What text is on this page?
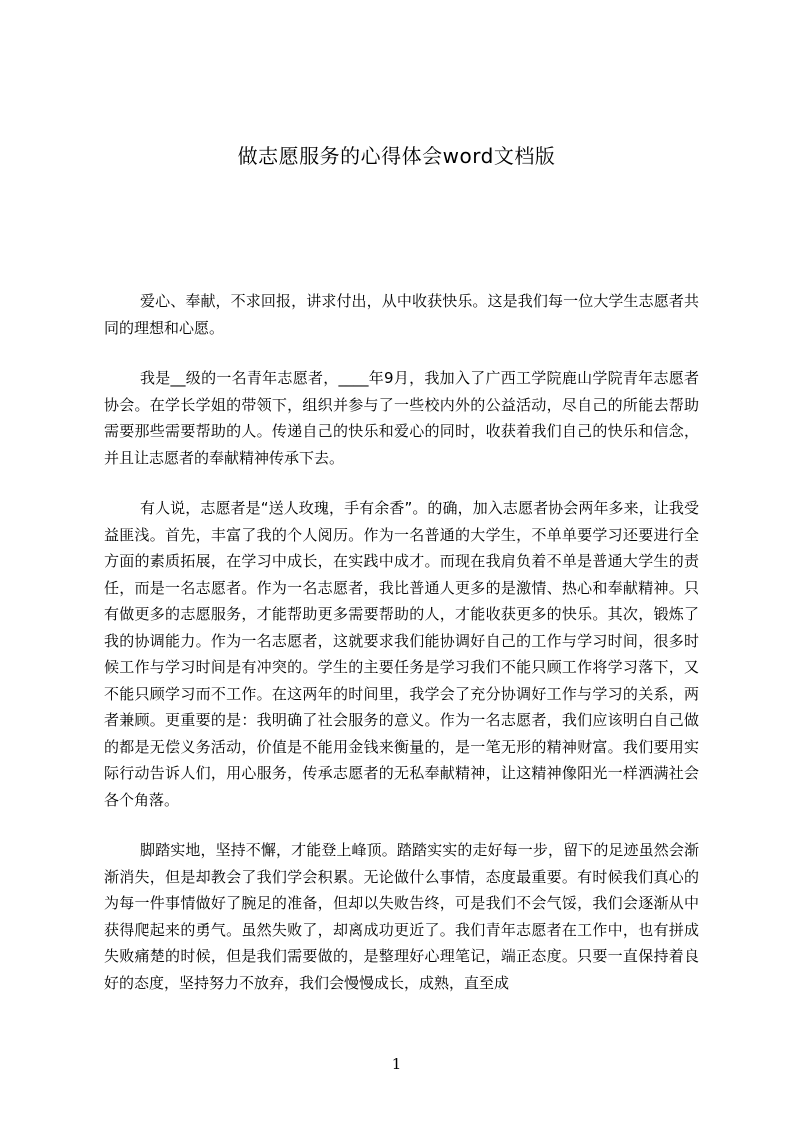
做志愿服务的心得体会word文档版

爱心、奉献，不求回报，讲求付出，从中收获快乐。这是我们每一位大学生志愿者共同的理想和心愿。

我是__级的一名青年志愿者，____年9月，我加入了广西工学院鹿山学院青年志愿者协会。在学长学姐的带领下，组织并参与了一些校内外的公益活动，尽自己的所能去帮助需要那些需要帮助的人。传递自己的快乐和爱心的同时，收获着我们自己的快乐和信念，并且让志愿者的奉献精神传承下去。

有人说，志愿者是“送人玫瑰，手有余香”。的确，加入志愿者协会两年多来，让我受益匪浅。首先，丰富了我的个人阅历。作为一名普通的大学生，不单单要学习还要进行全方面的素质拓展，在学习中成长，在实践中成才。而现在我肩负着不单是普通大学生的责任，而是一名志愿者。作为一名志愿者，我比普通人更多的是激情、热心和奉献精神。只有做更多的志愿服务，才能帮助更多需要帮助的人，才能收获更多的快乐。其次，锻炼了我的协调能力。作为一名志愿者，这就要求我们能协调好自己的工作与学习时间，很多时候工作与学习时间是有冲突的。学生的主要任务是学习我们不能只顾工作将学习落下，又不能只顾学习而不工作。在这两年的时间里，我学会了充分协调好工作与学习的关系，两者兼顾。更重要的是：我明确了社会服务的意义。作为一名志愿者，我们应该明白自己做的都是无偿义务活动，价值是不能用金钱来衡量的，是一笔无形的精神财富。我们要用实际行动告诉人们，用心服务，传承志愿者的无私奉献精神，让这精神像阳光一样洒满社会各个角落。

脚踏实地，坚持不懈，才能登上峰顶。踏踏实实的走好每一步，留下的足迹虽然会渐渐消失，但是却教会了我们学会积累。无论做什么事情，态度最重要。有时候我们真心的为每一件事情做好了腕足的准备，但却以失败告终，可是我们不会气馁，我们会逐渐从中获得爬起来的勇气。虽然失败了，却离成功更近了。我们青年志愿者在工作中，也有拼成失败痛楚的时候，但是我们需要做的，是整理好心理笔记，端正态度。只要一直保持着良好的态度，坚持努力不放弃，我们会慢慢成长，成熟，直至成

1
